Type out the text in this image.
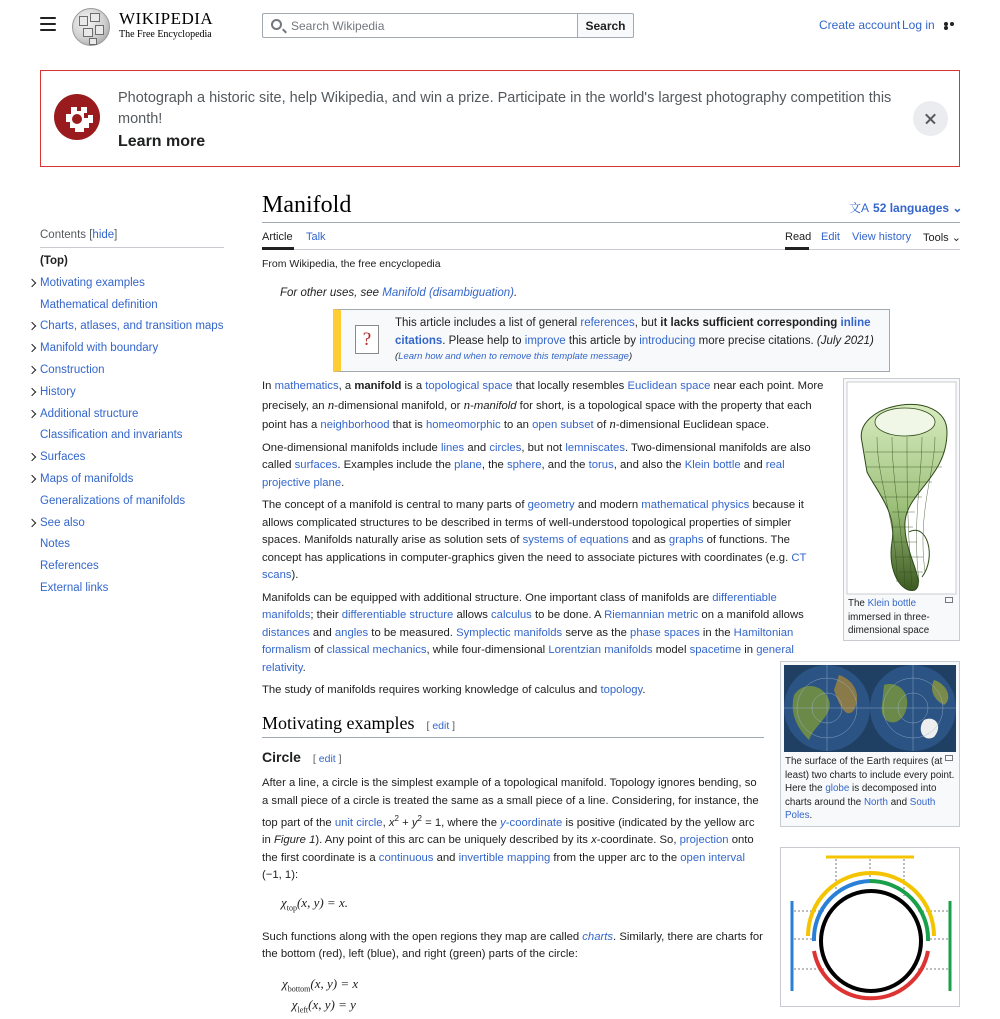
WIKIPEDIA
The Free Encyclopedia
Search Wikipedia
Search	Create account Log in
Photograph a historic site, help Wikipedia, and win a prize. Participate in the world's largest photography competition this month!
Learn more
Contents [hide]
(Top)
Motivating examples
Mathematical definition
Charts, atlases, and transition maps
Manifold with boundary
Construction
History
Additional structure
Classification and invariants
Surfaces
Maps of manifolds
Generalizations of manifolds
See also
Notes
References
External links
Manifold	文A 52 languages ⌄
Article Talk	Read Edit View history Tools ⌄
From Wikipedia, the free encyclopedia
For other uses, see Manifold (disambiguation).
?
This article includes a list of general references, but it lacks sufficient corresponding inline citations. Please help to improve this article by introducing more precise citations. (July 2021)
(Learn how and when to remove this template message)

In mathematics, a manifold is a topological space that locally resembles Euclidean space near each point. More precisely, an n-dimensional manifold, or n-manifold for short, is a topological space with the property that each point has a neighborhood that is homeomorphic to an open subset of n-dimensional Euclidean space.

One-dimensional manifolds include lines and circles, but not lemniscates. Two-dimensional manifolds are also called surfaces. Examples include the plane, the sphere, and the torus, and also the Klein bottle and real projective plane.

The concept of a manifold is central to many parts of geometry and modern mathematical physics because it allows complicated structures to be described in terms of well-understood topological properties of simpler spaces. Manifolds naturally arise as solution sets of systems of equations and as graphs of functions. The concept has applications in computer-graphics given the need to associate pictures with coordinates (e.g. CT scans).

Manifolds can be equipped with additional structure. One important class of manifolds are differentiable manifolds; their differentiable structure allows calculus to be done. A Riemannian metric on a manifold allows distances and angles to be measured. Symplectic manifolds serve as the phase spaces in the Hamiltonian formalism of classical mechanics, while four-dimensional Lorentzian manifolds model spacetime in general relativity.

The study of manifolds requires working knowledge of calculus and topology.

Motivating examples [ edit ]
Circle [ edit ]

After a line, a circle is the simplest example of a topological manifold. Topology ignores bending, so a small piece of a circle is treated the same as a small piece of a line. Considering, for instance, the top part of the unit circle, $x^2 + y^2 = 1$, where the y-coordinate is positive (indicated by the yellow arc in Figure 1). Any point of this arc can be uniquely described by its x-coordinate. So, projection onto the first coordinate is a continuous and invertible mapping from the upper arc to the open interval (−1, 1):

$\chi_{top}(x$, y) = x.

Such functions along with the open regions they map are called charts. Similarly, there are charts for the bottom (red), left (blue), and right (green) parts of the circle:

$\chi_{bottom}(x$, y) = x
$\chi_{left}(x$, y) = y

The Klein bottle immersed in three-dimensional space
The surface of the Earth requires (at least) two charts to include every point. Here the globe is decomposed into charts around the North and South Poles.
